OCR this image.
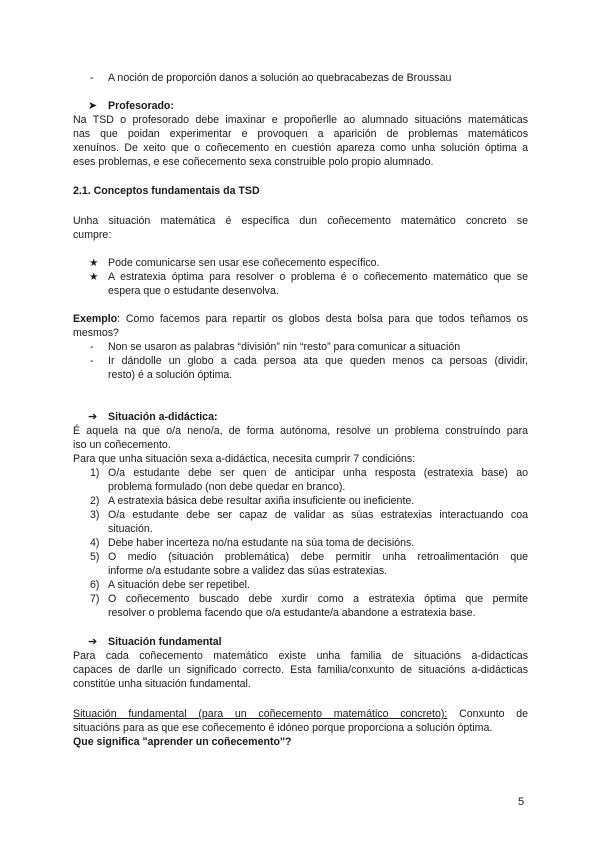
- A noción de proporción danos a solución ao quebracabezas de Broussau
➤ Profesorado:
Na TSD o profesorado debe imaxinar e propoñerlle ao alumnado situacións matemáticas
nas que poidan experimentar e provoquen a aparición de problemas matemáticos
xenuínos. De xeito que o coñecemento en cuestión apareza como unha solución óptima a
eses problemas, e ese coñecemento sexa construible polo propio alumnado.
2.1. Conceptos fundamentais da TSD
Unha situación matemática é específica dun coñecemento matemático concreto se
cumpre:
★ Pode comunicarse sen usar ese coñecemento específico.
★ A estratexia óptima para resolver o problema é o coñecemento matemático que se
espera que o estudante desenvolva.
Exemplo: Como facemos para repartir os globos desta bolsa para que todos teñamos os
mesmos?
- Non se usaron as palabras “división” nin “resto” para comunicar a situación
- Ir dándolle un globo a cada persoa ata que queden menos ca persoas (dividir,
resto) é a solución óptima.
➔ Situación a-didáctica:
É aquela na que o/a neno/a, de forma autónoma, resolve un problema construíndo para
iso un coñecemento.
Para que unha situación sexa a-didáctica, necesita cumprir 7 condicións:
1) O/a estudante debe ser quen de anticipar unha resposta (estratexia base) ao
problema formulado (non debe quedar en branco).
2) A estratexia básica debe resultar axiña insuficiente ou ineficiente.
3) O/a estudante debe ser capaz de validar as súas estratexias interactuando coa
situación.
4) Debe haber incerteza no/na estudante na súa toma de decisións.
5) O medio (situación problemática) debe permitir unha retroalimentación que
informe o/a estudante sobre a validez das súas estratexias.
6) A situación debe ser repetibel.
7) O coñecemento buscado debe xurdir como a estratexia óptima que permite
resolver o problema facendo que o/a estudante/a abandone a estratexia base.
➔ Situación fundamental
Para cada coñecemento matemático existe unha familia de situacións a-didacticas
capaces de darlle un significado correcto. Esta familia/conxunto de situacións a-didácticas
constitúe unha situación fundamental.
Situación fundamental (para un coñecemento matemático concreto): Conxunto de
situacións para as que ese coñecemento é idóneo porque proporciona a solución óptima.
Que significa "aprender un coñecemento"?
5
